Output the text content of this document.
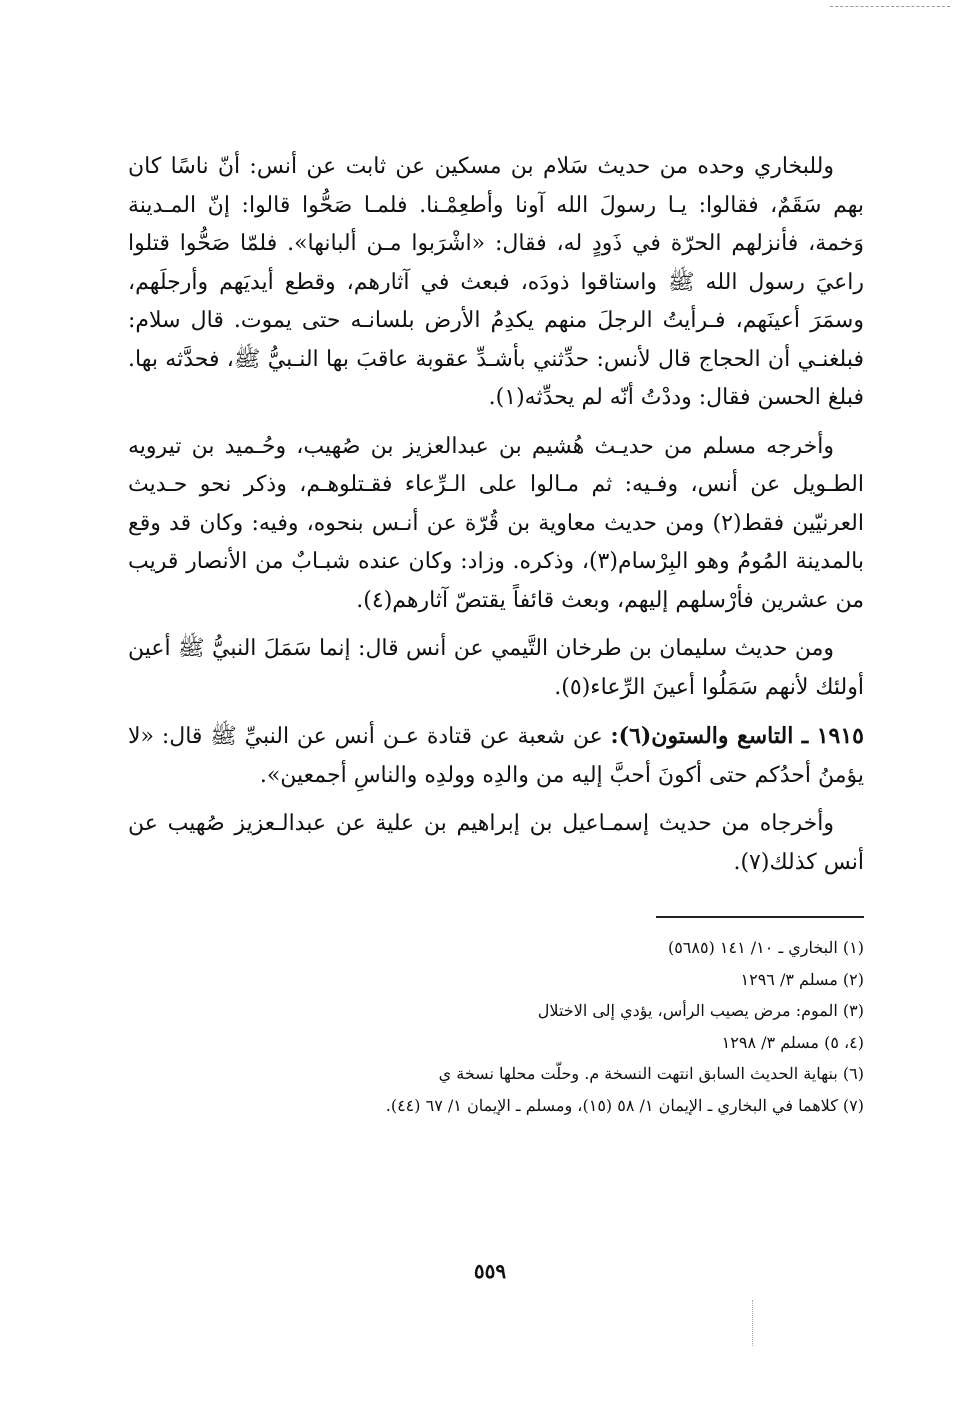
وللبخاري وحده من حديث سَلام بن مسكين عن ثابت عن أنس: أنّ ناسًا كان بهم سَقَمٌ، فقالوا: يـا رسولَ الله آونا وأطعِمْـنا. فلمـا صَحُّوا قالوا: إنّ المـدينة وَخمة، فأنزلهم الحرّة في ذَودٍ له، فقال: «اشْرَبوا مـن ألبانها». فلمّا صَحُّوا قتلوا راعيَ رسول الله ﷺ واستاقوا ذودَه، فبعث في آثارهم، وقطع أيديَهم وأرجلَهم، وسمَرَ أعينَهم، فـرأيتُ الرجلَ منهم يكدِمُ الأرض بلسانـه حتى يموت. قال سلام: فبلغنـي أن الحجاج قال لأنس: حدِّثني بأشـدِّ عقوبة عاقبَ بها النـبيُّ ﷺ، فحدَّثه بها. فبلغ الحسن فقال: وددْتُ أنّه لم يحدِّثه(١).

وأخرجه مسلم من حديـث هُشيم بن عبدالعزيز بن صُهيب، وحُـميد بن تيرويه الطـويل عن أنس، وفـيه: ثم مـالوا على الـرِّعاء فقـتلوهـم، وذكر نحو حـديث العرنيّين فقط(٢) ومن حديث معاوية بن قُرّة عن أنـس بنحوه، وفيه: وكان قد وقع بالمدينة المُومُ وهو البِرْسام(٣)، وذكره. وزاد: وكان عنده شبـابٌ من الأنصار قريب من عشرين فأرْسلهم إليهم، وبعث قائفاً يقتصّ آثارهم(٤).

ومن حديث سليمان بن طرخان التَّيمي عن أنس قال: إنما سَمَلَ النبيُّ ﷺ أعين أولئك لأنهم سَمَلُوا أعينَ الرِّعاء(٥).

١٩١٥ ـ التاسع والستون(٦): عن شعبة عن قتادة عـن أنس عن النبيِّ ﷺ قال: «لا يؤمنُ أحدُكم حتى أكونَ أحبَّ إليه من والدِه وولدِه والناسِ أجمعين».

وأخرجاه من حديث إسمـاعيل بن إبراهيم بن علية عن عبدالـعزيز صُهيب عن أنس كذلك(٧).

(١) البخاري ـ ١٠/ ١٤١ (٥٦٨٥)

(٢) مسلم ٣/ ١٢٩٦

(٣) الموم: مرض يصيب الرأس، يؤدي إلى الاختلال

(٤، ٥) مسلم ٣/ ١٢٩٨

(٦) بنهاية الحديث السابق انتهت النسخة م. وحلّت محلها نسخة ي

(٧) كلاهما في البخاري ـ الإيمان ١/ ٥٨ (١٥)، ومسلم ـ الإيمان ١/ ٦٧ (٤٤).

٥٥٩
